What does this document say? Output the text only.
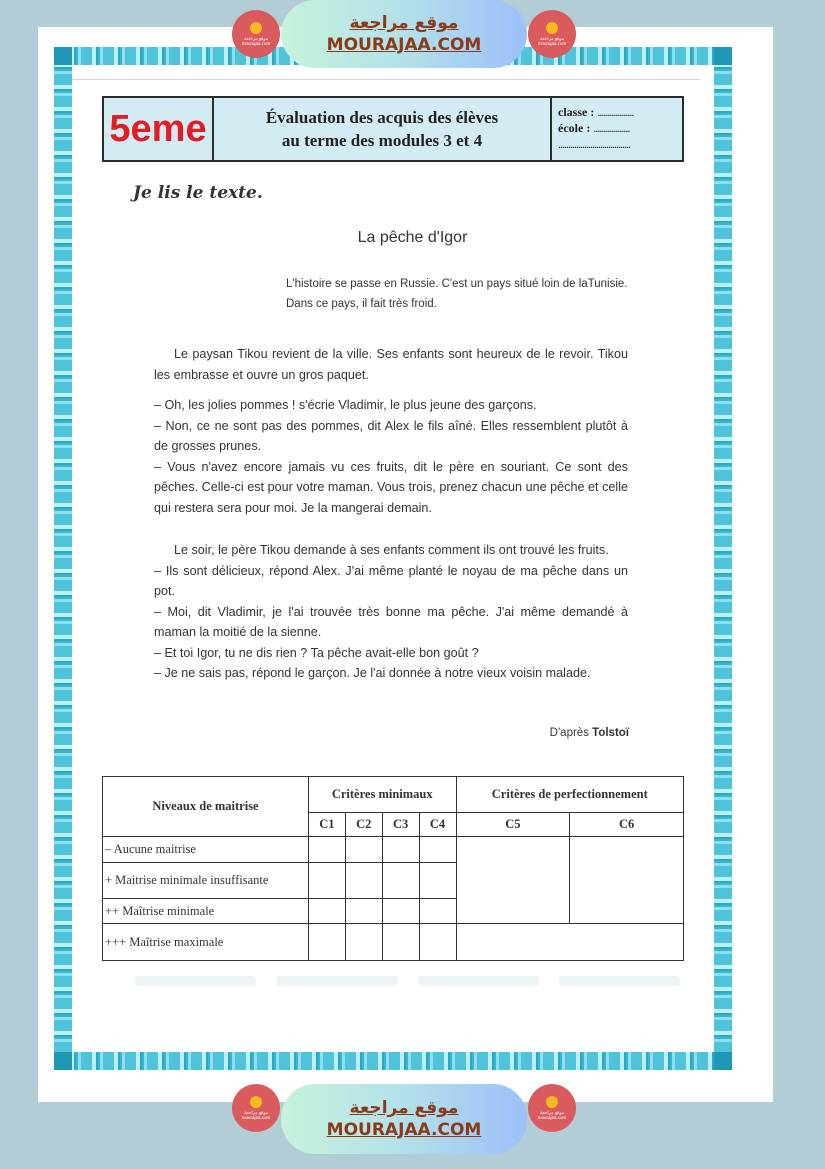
موقع مراجعة mourajaa.com
موقع مراجعة
MOURAJAA.COM	موقع مراجعة mourajaa.com
5eme	Évaluation des acquis des élèves
au terme des modules 3 et 4
classe : ..................
école : ..................
....................................
Je lis le texte.
La pêche d'Igor
L'histoire se passe en Russie. C'est un pays situé loin de laTunisie. Dans ce pays, il fait très froid.

Le paysan Tikou revient de la ville. Ses enfants sont heureux de le revoir. Tikou les embrasse et ouvre un gros paquet.

– Oh, les jolies pommes ! s'écrie Vladimir, le plus jeune des garçons.

– Non, ce ne sont pas des pommes, dit Alex le fils aîné. Elles ressemblent plutôt à de grosses prunes.

– Vous n'avez encore jamais vu ces fruits, dit le père en souriant. Ce sont des pêches. Celle-ci est pour votre maman. Vous trois, prenez chacun une pêche et celle qui restera sera pour moi. Je la mangerai demain.

Le soir, le père Tikou demande à ses enfants comment ils ont trouvé les fruits.

– Ils sont délicieux, répond Alex. J'ai même planté le noyau de ma pêche dans un pot.

– Moi, dit Vladimir, je l'ai trouvée très bonne ma pêche. J'ai même demandé à maman la moitié de la sienne.

– Et toi Igor, tu ne dis rien ? Ta pêche avait-elle bon goût ?

– Je ne sais pas, répond le garçon. Je l'ai donnée à notre vieux voisin malade.

D'après Tolstoï
Niveaux de maitrise	Critères minimaux				Critères de perfectionnement	
	C1	C2	C3	C4	C5	C6
– Aucune maitrise						
+ Maitrise minimale insuffisante						
++ Maîtrise minimale						
+++ Maîtrise maximale						
موقع مراجعة mourajaa.com	موقع مراجعة
MOURAJAA.COM
موقع مراجعة mourajaa.com
